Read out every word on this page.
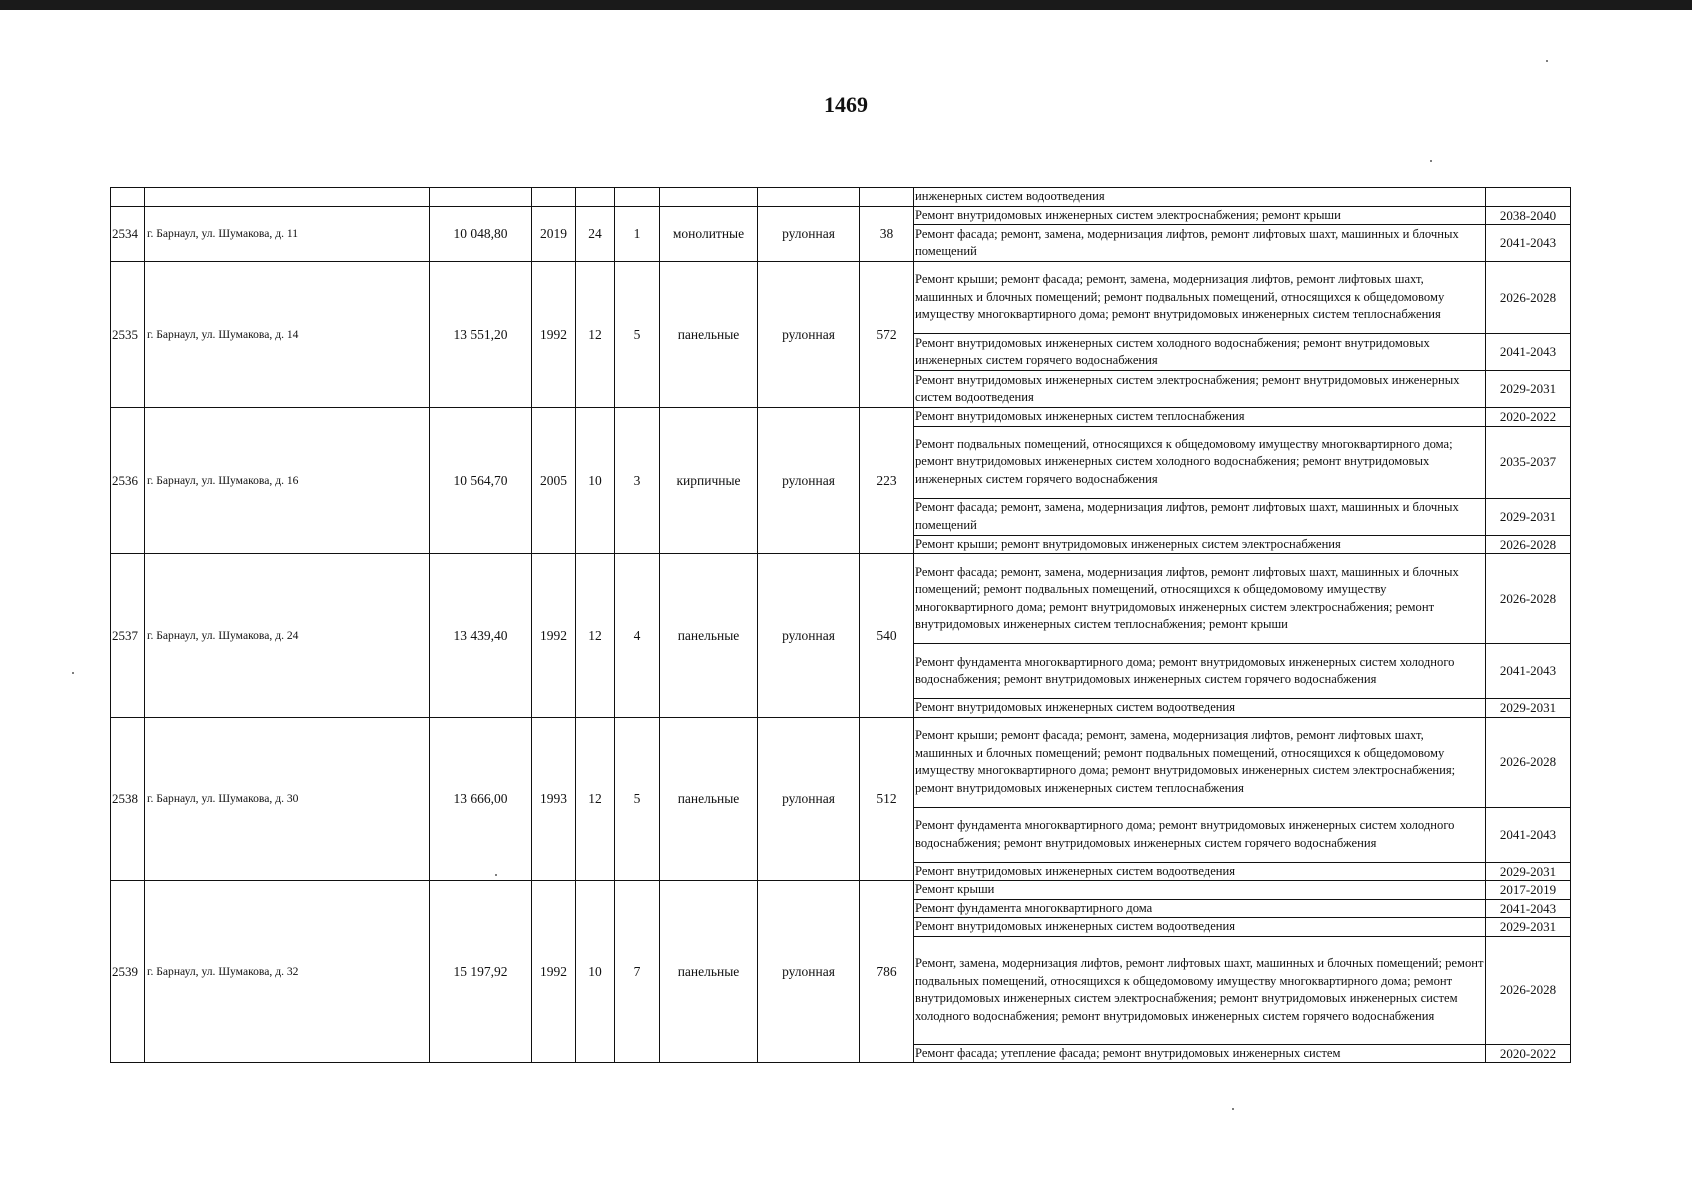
1469
									инженерных систем водоотведения	
2534	г. Барнаул, ул. Шумакова, д. 11	10 048,80	2019	24	1	монолитные	рулонная	38	Ремонт внутридомовых инженерных систем электроснабжения; ремонт крыши	2038-2040
									Ремонт фасада; ремонт, замена, модернизация лифтов, ремонт лифтовых шахт, машинных и блочных помещений	2041-2043
2535	г. Барнаул, ул. Шумакова, д. 14	13 551,20	1992	12	5	панельные	рулонная	572	Ремонт крыши; ремонт фасада; ремонт, замена, модернизация лифтов, ремонт лифтовых шахт, машинных и блочных помещений; ремонт подвальных помещений, относящихся к общедомовому имуществу многоквартирного дома; ремонт внутридомовых инженерных систем теплоснабжения	2026-2028
									Ремонт внутридомовых инженерных систем холодного водоснабжения; ремонт внутридомовых инженерных систем горячего водоснабжения	2041-2043
									Ремонт внутридомовых инженерных систем электроснабжения; ремонт внутридомовых инженерных систем водоотведения	2029-2031
2536	г. Барнаул, ул. Шумакова, д. 16	10 564,70	2005	10	3	кирпичные	рулонная	223	Ремонт внутридомовых инженерных систем теплоснабжения	2020-2022
									Ремонт подвальных помещений, относящихся к общедомовому имуществу многоквартирного дома; ремонт внутридомовых инженерных систем холодного водоснабжения; ремонт внутридомовых инженерных систем горячего водоснабжения	2035-2037
									Ремонт фасада; ремонт, замена, модернизация лифтов, ремонт лифтовых шахт, машинных и блочных помещений	2029-2031
									Ремонт крыши; ремонт внутридомовых инженерных систем электроснабжения	2026-2028
2537	г. Барнаул, ул. Шумакова, д. 24	13 439,40	1992	12	4	панельные	рулонная	540	Ремонт фасада; ремонт, замена, модернизация лифтов, ремонт лифтовых шахт, машинных и блочных помещений; ремонт подвальных помещений, относящихся к общедомовому имуществу многоквартирного дома; ремонт внутридомовых инженерных систем электроснабжения; ремонт внутридомовых инженерных систем теплоснабжения; ремонт крыши	2026-2028
									Ремонт фундамента многоквартирного дома; ремонт внутридомовых инженерных систем холодного водоснабжения; ремонт внутридомовых инженерных систем горячего водоснабжения	2041-2043
									Ремонт внутридомовых инженерных систем водоотведения	2029-2031
2538	г. Барнаул, ул. Шумакова, д. 30	13 666,00	1993	12	5	панельные	рулонная	512	Ремонт крыши; ремонт фасада; ремонт, замена, модернизация лифтов, ремонт лифтовых шахт, машинных и блочных помещений; ремонт подвальных помещений, относящихся к общедомовому имуществу многоквартирного дома; ремонт внутридомовых инженерных систем электроснабжения; ремонт внутридомовых инженерных систем теплоснабжения	2026-2028
									Ремонт фундамента многоквартирного дома; ремонт внутридомовых инженерных систем холодного водоснабжения; ремонт внутридомовых инженерных систем горячего водоснабжения	2041-2043
									Ремонт внутридомовых инженерных систем водоотведения	2029-2031
2539	г. Барнаул, ул. Шумакова, д. 32	15 197,92	1992	10	7	панельные	рулонная	786	Ремонт крыши	2017-2019
									Ремонт фундамента многоквартирного дома	2041-2043
									Ремонт внутридомовых инженерных систем водоотведения	2029-2031
									Ремонт, замена, модернизация лифтов, ремонт лифтовых шахт, машинных и блочных помещений; ремонт подвальных помещений, относящихся к общедомовому имуществу многоквартирного дома; ремонт внутридомовых инженерных систем электроснабжения; ремонт внутридомовых инженерных систем холодного водоснабжения; ремонт внутридомовых инженерных систем горячего водоснабжения	2026-2028
									Ремонт фасада; утепление фасада; ремонт внутридомовых инженерных систем	2020-2022
